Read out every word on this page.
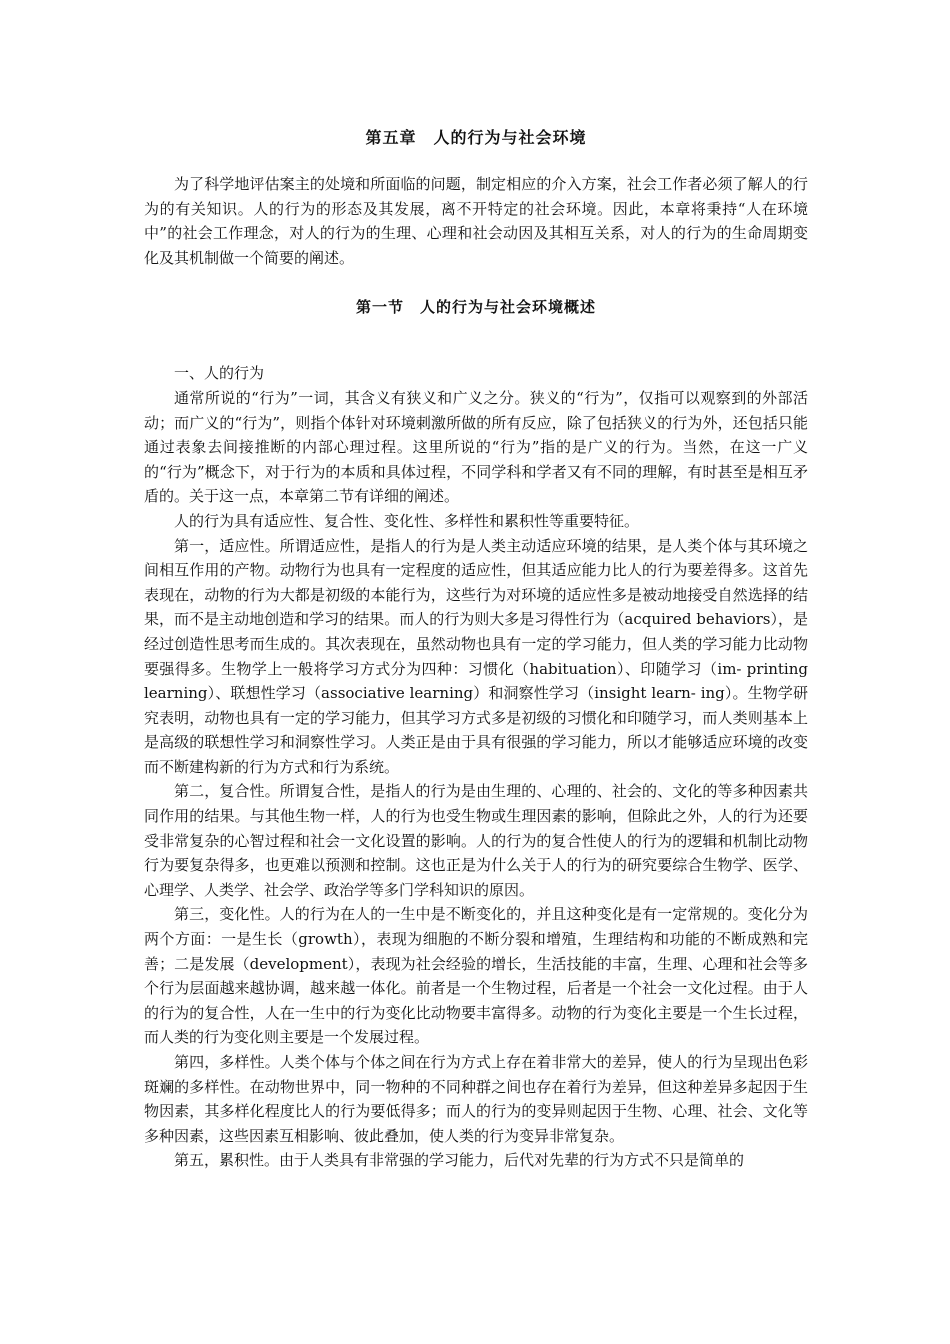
第五章　人的行为与社会环境

为了科学地评估案主的处境和所面临的问题，制定相应的介入方案，社会工作者必须了解人的行为的有关知识。人的行为的形态及其发展，离不开特定的社会环境。因此，本章将秉持“人在环境中”的社会工作理念，对人的行为的生理、心理和社会动因及其相互关系，对人的行为的生命周期变化及其机制做一个简要的阐述。

第一节　人的行为与社会环境概述

一、人的行为

通常所说的“行为”一词，其含义有狭义和广义之分。狭义的“行为”，仅指可以观察到的外部活动；而广义的“行为”，则指个体针对环境刺激所做的所有反应，除了包括狭义的行为外，还包括只能通过表象去间接推断的内部心理过程。这里所说的“行为”指的是广义的行为。当然，在这一广义的“行为”概念下，对于行为的本质和具体过程，不同学科和学者又有不同的理解，有时甚至是相互矛盾的。关于这一点，本章第二节有详细的阐述。

人的行为具有适应性、复合性、变化性、多样性和累积性等重要特征。

第一，适应性。所谓适应性，是指人的行为是人类主动适应环境的结果，是人类个体与其环境之间相互作用的产物。动物行为也具有一定程度的适应性，但其适应能力比人的行为要差得多。这首先表现在，动物的行为大都是初级的本能行为，这些行为对环境的适应性多是被动地接受自然选择的结果，而不是主动地创造和学习的结果。而人的行为则大多是习得性行为（acquired behaviors），是经过创造性思考而生成的。其次表现在，虽然动物也具有一定的学习能力，但人类的学习能力比动物要强得多。生物学上一般将学习方式分为四种：习惯化（habituation）、印随学习（im- printing learning）、联想性学习（associative learning）和洞察性学习（insight learn- ing）。生物学研究表明，动物也具有一定的学习能力，但其学习方式多是初级的习惯化和印随学习，而人类则基本上是高级的联想性学习和洞察性学习。人类正是由于具有很强的学习能力，所以才能够适应环境的改变而不断建构新的行为方式和行为系统。

第二，复合性。所谓复合性，是指人的行为是由生理的、心理的、社会的、文化的等多种因素共同作用的结果。与其他生物一样，人的行为也受生物或生理因素的影响，但除此之外，人的行为还要受非常复杂的心智过程和社会一文化设置的影响。人的行为的复合性使人的行为的逻辑和机制比动物行为要复杂得多，也更难以预测和控制。这也正是为什么关于人的行为的研究要综合生物学、医学、心理学、人类学、社会学、政治学等多门学科知识的原因。

第三，变化性。人的行为在人的一生中是不断变化的，并且这种变化是有一定常规的。变化分为两个方面：一是生长（growth），表现为细胞的不断分裂和增殖，生理结构和功能的不断成熟和完善；二是发展（development），表现为社会经验的增长，生活技能的丰富，生理、心理和社会等多个行为层面越来越协调，越来越一体化。前者是一个生物过程，后者是一个社会一文化过程。由于人的行为的复合性，人在一生中的行为变化比动物要丰富得多。动物的行为变化主要是一个生长过程，而人类的行为变化则主要是一个发展过程。

第四，多样性。人类个体与个体之间在行为方式上存在着非常大的差异，使人的行为呈现出色彩斑斓的多样性。在动物世界中，同一物种的不同种群之间也存在着行为差异，但这种差异多起因于生物因素，其多样化程度比人的行为要低得多；而人的行为的变异则起因于生物、心理、社会、文化等多种因素，这些因素互相影响、彼此叠加，使人类的行为变异非常复杂。

第五，累积性。由于人类具有非常强的学习能力，后代对先辈的行为方式不只是简单的
